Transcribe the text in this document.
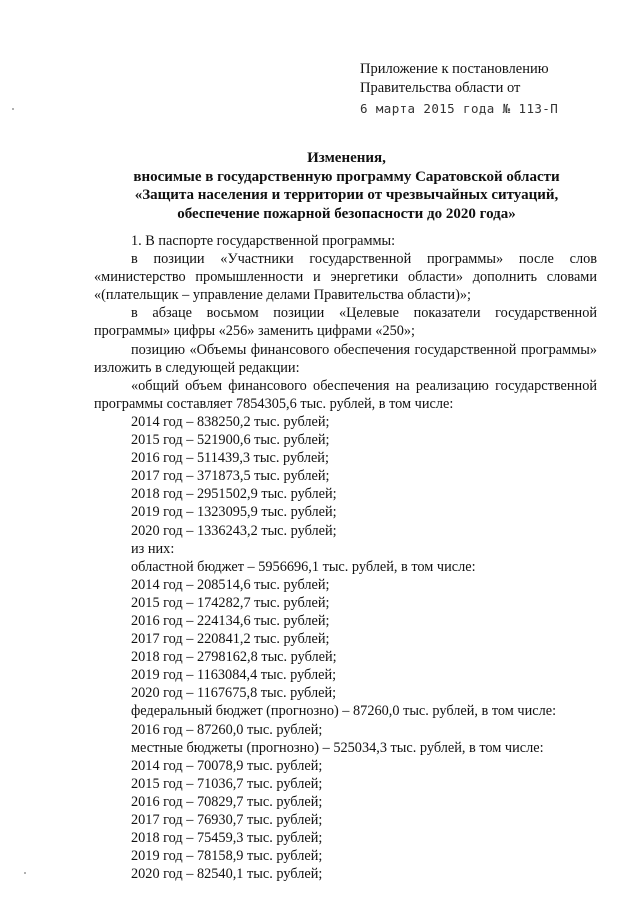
Приложение к постановлению
Правительства области от
6 марта 2015 года № 113-П
Изменения,
вносимые в государственную программу Саратовской области
«Защита населения и территории от чрезвычайных ситуаций,
обеспечение пожарной безопасности до 2020 года»

1. В паспорте государственной программы:

в позиции «Участники государственной программы» после слов «министерство промышленности и энергетики области» дополнить словами «(плательщик – управление делами Правительства области)»;

в абзаце восьмом позиции «Целевые показатели государственной программы» цифры «256» заменить цифрами «250»;

позицию «Объемы финансового обеспечения государственной программы» изложить в следующей редакции:

«общий объем финансового обеспечения на реализацию государственной программы составляет 7854305,6 тыс. рублей, в том числе:

2014 год – 838250,2 тыс. рублей;

2015 год – 521900,6 тыс. рублей;

2016 год – 511439,3 тыс. рублей;

2017 год – 371873,5 тыс. рублей;

2018 год – 2951502,9 тыс. рублей;

2019 год – 1323095,9 тыс. рублей;

2020 год – 1336243,2 тыс. рублей;

из них:

областной бюджет – 5956696,1 тыс. рублей, в том числе:

2014 год – 208514,6 тыс. рублей;

2015 год – 174282,7 тыс. рублей;

2016 год – 224134,6 тыс. рублей;

2017 год – 220841,2 тыс. рублей;

2018 год – 2798162,8 тыс. рублей;

2019 год – 1163084,4 тыс. рублей;

2020 год – 1167675,8 тыс. рублей;

федеральный бюджет (прогнозно) – 87260,0 тыс. рублей, в том числе:

2016 год – 87260,0 тыс. рублей;

местные бюджеты (прогнозно) – 525034,3 тыс. рублей, в том числе:

2014 год – 70078,9 тыс. рублей;

2015 год – 71036,7 тыс. рублей;

2016 год – 70829,7 тыс. рублей;

2017 год – 76930,7 тыс. рублей;

2018 год – 75459,3 тыс. рублей;

2019 год – 78158,9 тыс. рублей;

2020 год – 82540,1 тыс. рублей;
